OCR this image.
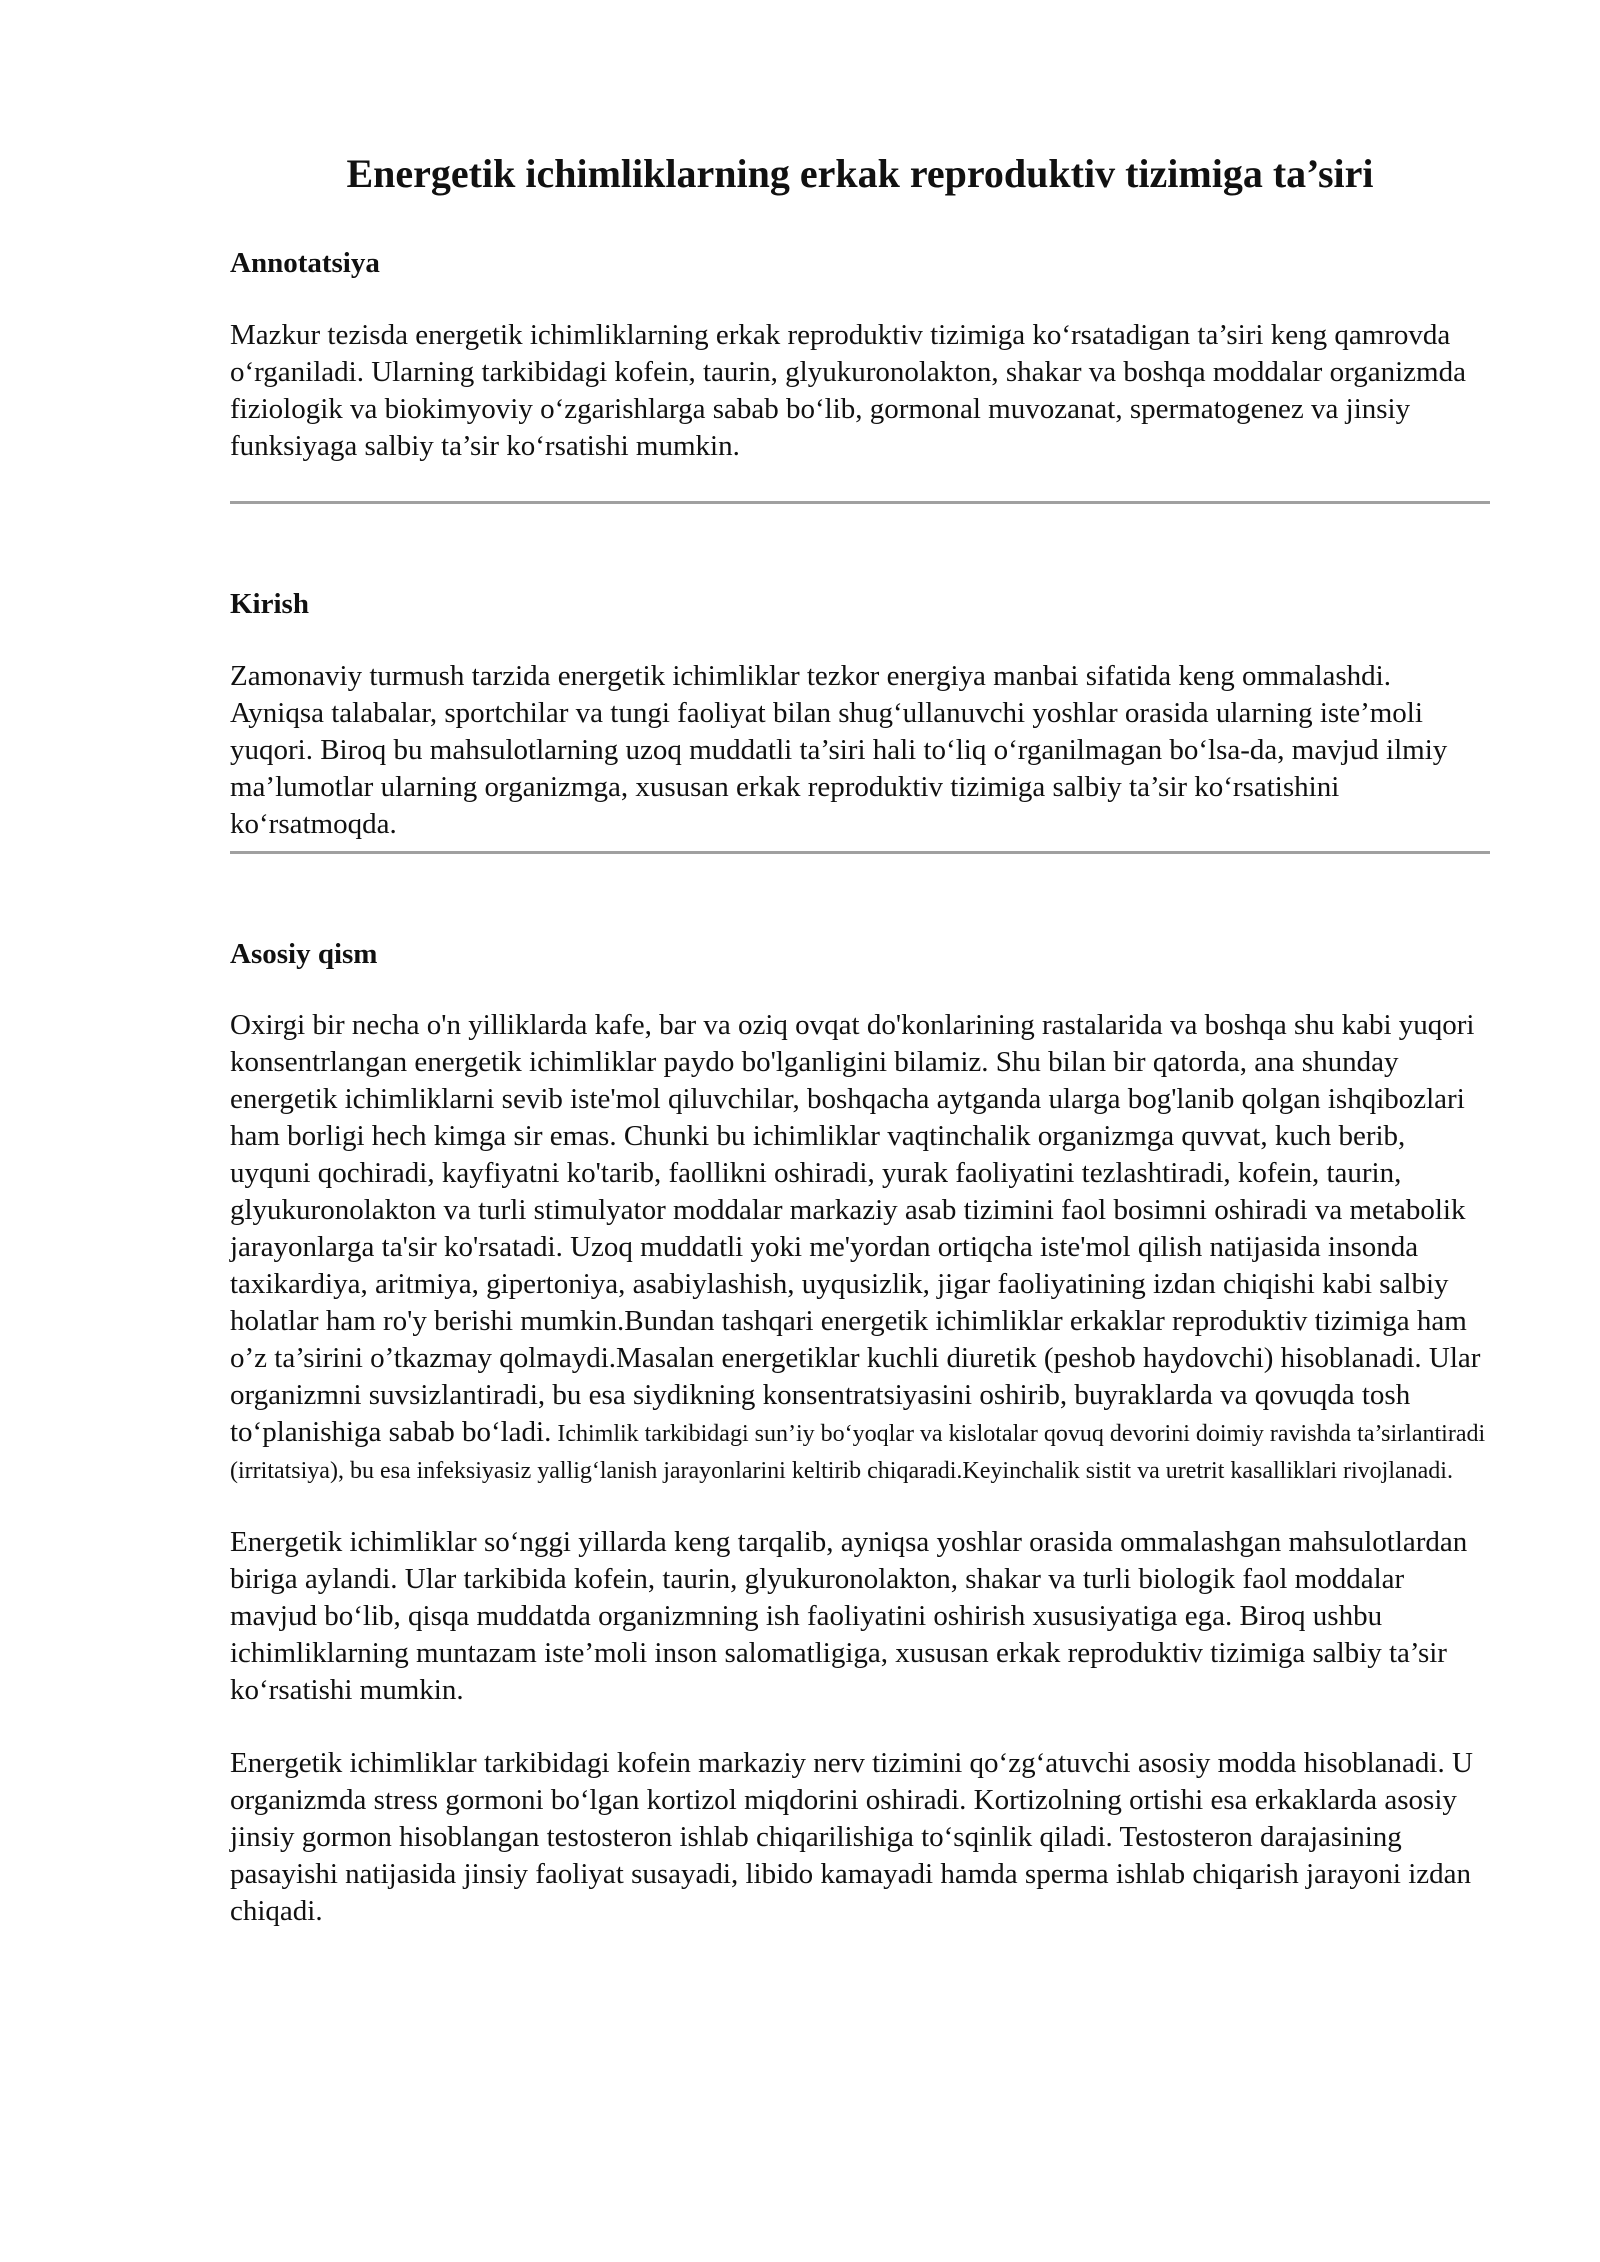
Energetik ichimliklarning erkak reproduktiv tizimiga ta’siri
Annotatsiya

Mazkur tezisda energetik ichimliklarning erkak reproduktiv tizimiga ko‘rsatadigan ta’siri keng qamrovda o‘rganiladi. Ularning tarkibidagi kofein, taurin, glyukuronolakton, shakar va boshqa moddalar organizmda fiziologik va biokimyoviy o‘zgarishlarga sabab bo‘lib, gormonal muvozanat, spermatogenez va jinsiy funksiyaga salbiy ta’sir ko‘rsatishi mumkin.

Kirish

Zamonaviy turmush tarzida energetik ichimliklar tezkor energiya manbai sifatida keng ommalashdi. Ayniqsa talabalar, sportchilar va tungi faoliyat bilan shug‘ullanuvchi yoshlar orasida ularning iste’moli yuqori. Biroq bu mahsulotlarning uzoq muddatli ta’siri hali to‘liq o‘rganilmagan bo‘lsa-da, mavjud ilmiy ma’lumotlar ularning organizmga, xususan erkak reproduktiv tizimiga salbiy ta’sir ko‘rsatishini ko‘rsatmoqda.

Asosiy qism

Oxirgi bir necha o'n yilliklarda kafe, bar va oziq ovqat do'konlarining rastalarida va boshqa shu kabi yuqori konsentrlangan energetik ichimliklar paydo bo'lganligini bilamiz. Shu bilan bir qatorda, ana shunday energetik ichimliklarni sevib iste'mol qiluvchilar, boshqacha aytganda ularga bog'lanib qolgan ishqibozlari ham borligi hech kimga sir emas. Chunki bu ichimliklar vaqtinchalik organizmga quvvat, kuch berib, uyquni qochiradi, kayfiyatni ko'tarib, faollikni oshiradi, yurak faoliyatini tezlashtiradi, kofein, taurin, glyukuronolakton va turli stimulyator moddalar markaziy asab tizimini faol bosimni oshiradi va metabolik jarayonlarga ta'sir ko'rsatadi. Uzoq muddatli yoki me'yordan ortiqcha iste'mol qilish natijasida insonda taxikardiya, aritmiya, gipertoniya, asabiylashish, uyqusizlik, jigar faoliyatining izdan chiqishi kabi salbiy holatlar ham ro'y berishi mumkin.Bundan tashqari energetik ichimliklar erkaklar reproduktiv tizimiga ham o’z ta’sirini o’tkazmay qolmaydi.Masalan energetiklar kuchli diuretik (peshob haydovchi) hisoblanadi. Ular organizmni suvsizlantiradi, bu esa siydikning konsentratsiyasini oshirib, buyraklarda va qovuqda tosh to‘planishiga sabab bo‘ladi. Ichimlik tarkibidagi sun’iy bo‘yoqlar va kislotalar qovuq devorini doimiy ravishda ta’sirlantiradi (irritatsiya), bu esa infeksiyasiz yallig‘lanish jarayonlarini keltirib chiqaradi.Keyinchalik sistit va uretrit kasalliklari rivojlanadi.

Energetik ichimliklar so‘nggi yillarda keng tarqalib, ayniqsa yoshlar orasida ommalashgan mahsulotlardan biriga aylandi. Ular tarkibida kofein, taurin, glyukuronolakton, shakar va turli biologik faol moddalar mavjud bo‘lib, qisqa muddatda organizmning ish faoliyatini oshirish xususiyatiga ega. Biroq ushbu ichimliklarning muntazam iste’moli inson salomatligiga, xususan erkak reproduktiv tizimiga salbiy ta’sir ko‘rsatishi mumkin.

Energetik ichimliklar tarkibidagi kofein markaziy nerv tizimini qo‘zg‘atuvchi asosiy modda hisoblanadi. U organizmda stress gormoni bo‘lgan kortizol miqdorini oshiradi. Kortizolning ortishi esa erkaklarda asosiy jinsiy gormon hisoblangan testosteron ishlab chiqarilishiga to‘sqinlik qiladi. Testosteron darajasining pasayishi natijasida jinsiy faoliyat susayadi, libido kamayadi hamda sperma ishlab chiqarish jarayoni izdan chiqadi.
